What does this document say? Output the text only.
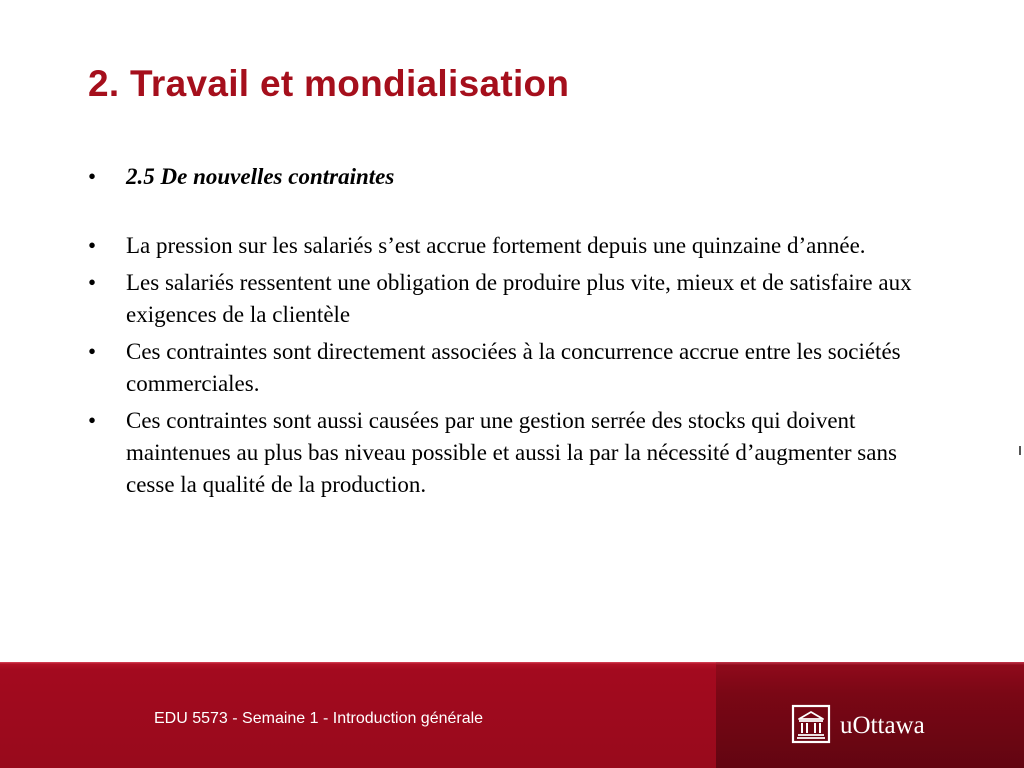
2. Travail et mondialisation
• 2.5 De nouvelles contraintes
• La pression sur les salariés s’est accrue fortement depuis une quinzaine d’année.
• Les salariés ressentent une obligation de produire plus vite, mieux et de satisfaire aux exigences de la clientèle
• Ces contraintes sont directement associées à la concurrence accrue entre les sociétés commerciales.
• Ces contraintes sont aussi causées par une gestion serrée des stocks qui doivent maintenues au plus bas niveau possible et aussi la par la nécessité d’augmenter sans cesse la qualité de la production.
EDU 5573 - Semaine 1 - Introduction générale	uOttawa
